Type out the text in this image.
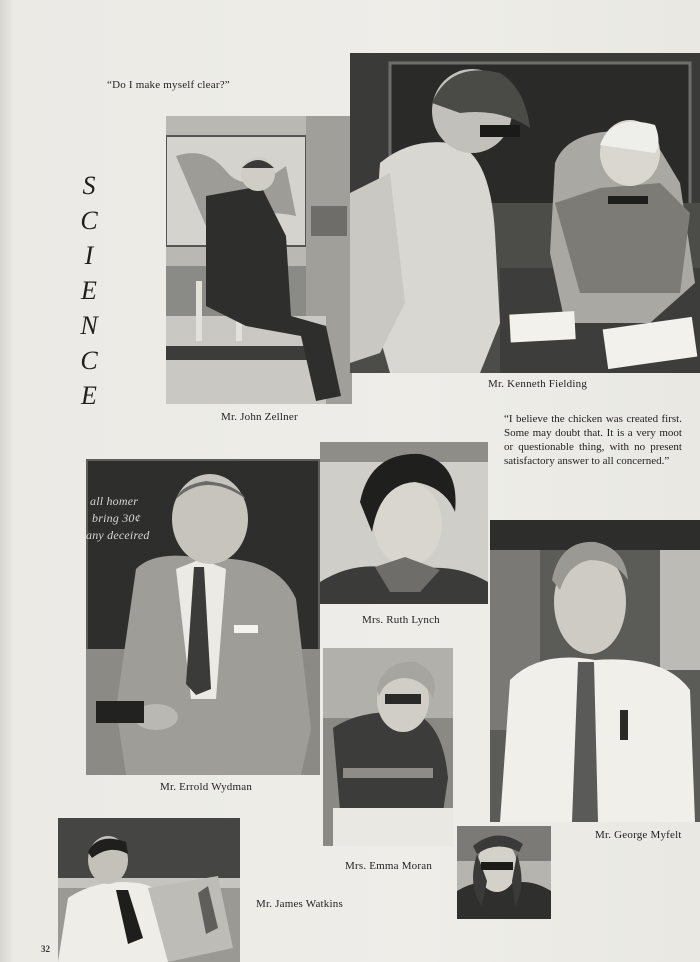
“Do I make myself clear?”
S
C
I
E
N
C
E
Mr. John Zellner
Mr. Kenneth Fielding
“I believe the chicken was created first. Some may doubt that. It is a very moot or questionable thing, with no present satisfactory answer to all concerned.”
all homer
bring 30¢
any deceired
Mr. Errold Wydman
Mrs. Ruth Lynch
Mrs. Emma Moran
Mr. George Myfelt
Mr. James Watkins
32
